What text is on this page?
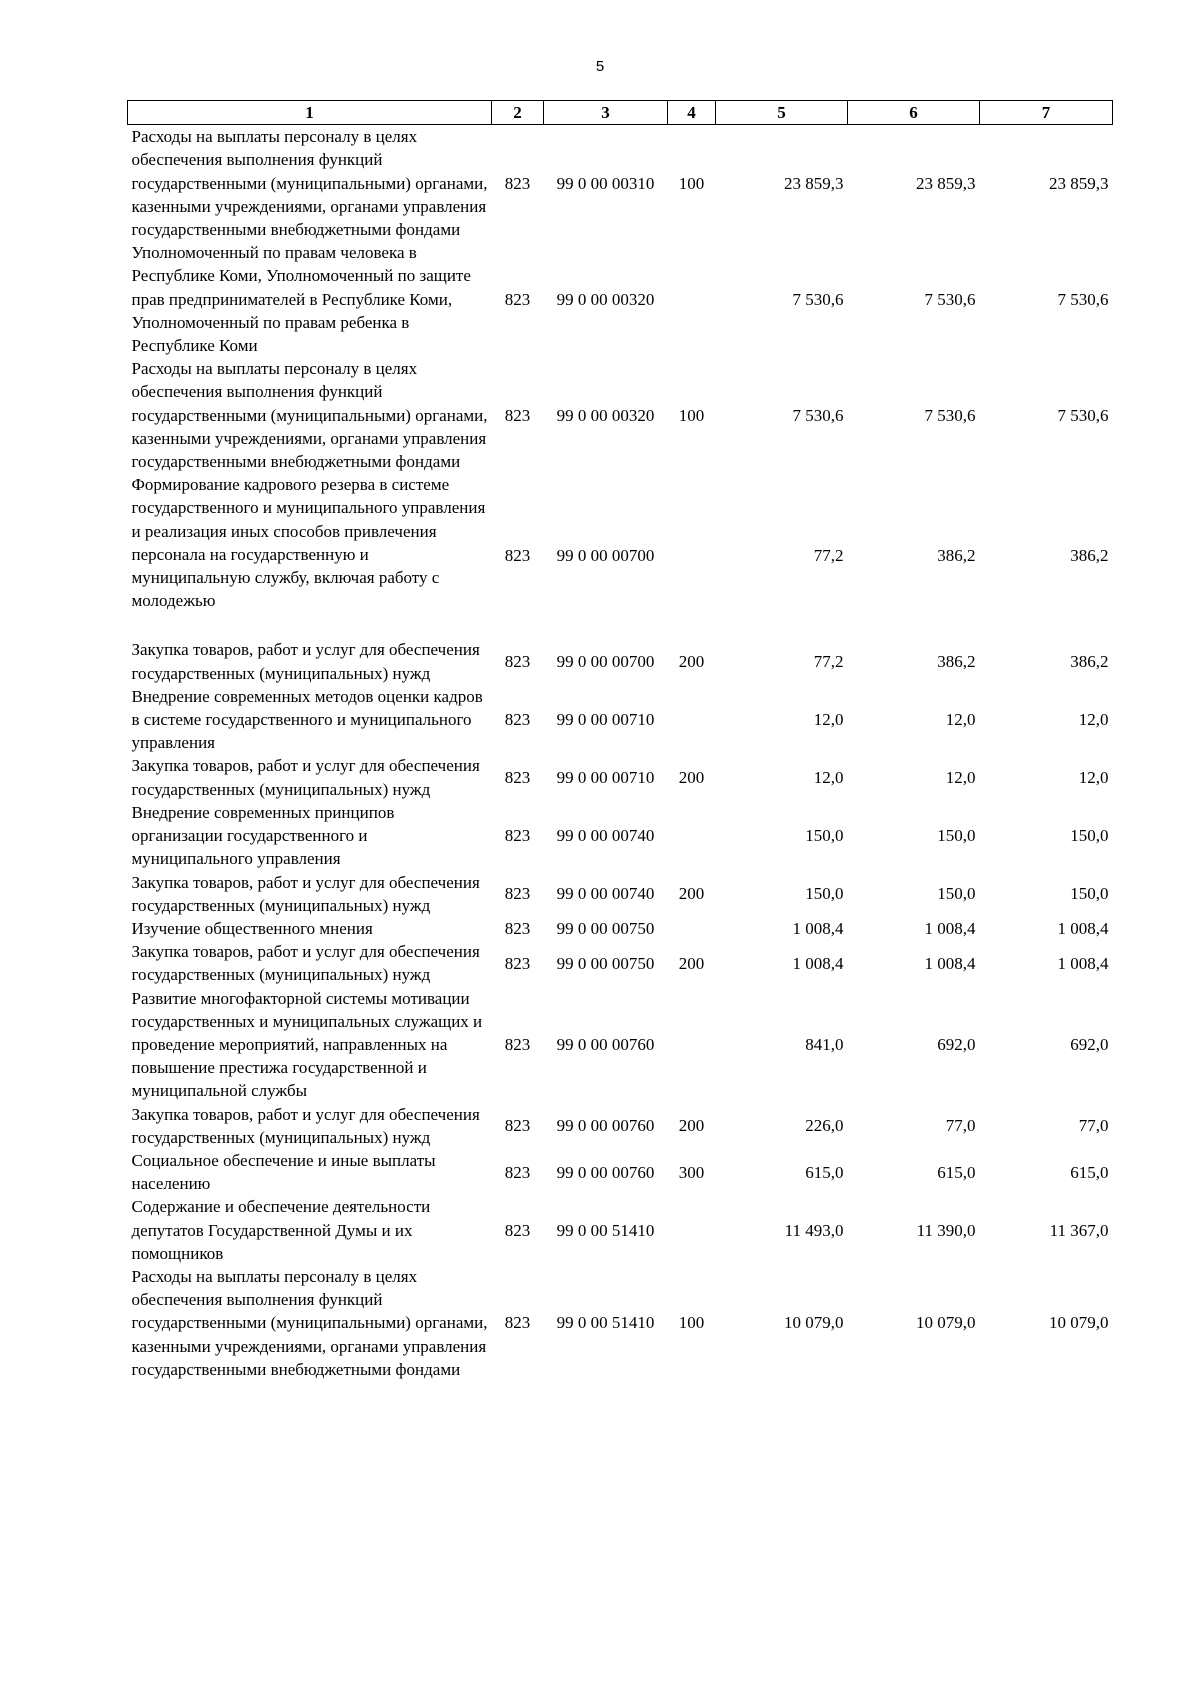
5
1	2	3	4	5	6	7
Расходы на выплаты персоналу в целях обеспечения выполнения функций государственными (муниципальными) органами, казенными учреждениями, органами управления государственными внебюджетными фондами	823	99 0 00 00310	100	23 859,3	23 859,3	23 859,3
Уполномоченный по правам человека в Республике Коми, Уполномоченный по защите прав предпринимателей в Республике Коми, Уполномоченный по правам ребенка в Республике Коми	823	99 0 00 00320		7 530,6	7 530,6	7 530,6
Расходы на выплаты персоналу в целях обеспечения выполнения функций государственными (муниципальными) органами, казенными учреждениями, органами управления государственными внебюджетными фондами	823	99 0 00 00320	100	7 530,6	7 530,6	7 530,6
Формирование кадрового резерва в системе государственного и муниципального управления и реализация иных способов привлечения персонала на государственную и муниципальную службу, включая работу с молодежью	823	99 0 00 00700		77,2	386,2	386,2
Закупка товаров, работ и услуг для обеспечения государственных (муниципальных) нужд	823	99 0 00 00700	200	77,2	386,2	386,2
Внедрение современных методов оценки кадров в системе государственного и муниципального управления	823	99 0 00 00710		12,0	12,0	12,0
Закупка товаров, работ и услуг для обеспечения государственных (муниципальных) нужд	823	99 0 00 00710	200	12,0	12,0	12,0
Внедрение современных принципов организации государственного и муниципального управления	823	99 0 00 00740		150,0	150,0	150,0
Закупка товаров, работ и услуг для обеспечения государственных (муниципальных) нужд	823	99 0 00 00740	200	150,0	150,0	150,0
Изучение общественного мнения	823	99 0 00 00750		1 008,4	1 008,4	1 008,4
Закупка товаров, работ и услуг для обеспечения государственных (муниципальных) нужд	823	99 0 00 00750	200	1 008,4	1 008,4	1 008,4
Развитие многофакторной системы мотивации государственных и муниципальных служащих и проведение мероприятий, направленных на повышение престижа государственной и муниципальной службы	823	99 0 00 00760		841,0	692,0	692,0
Закупка товаров, работ и услуг для обеспечения государственных (муниципальных) нужд	823	99 0 00 00760	200	226,0	77,0	77,0
Социальное обеспечение и иные выплаты населению	823	99 0 00 00760	300	615,0	615,0	615,0
Содержание и обеспечение деятельности депутатов Государственной Думы и их помощников	823	99 0 00 51410		11 493,0	11 390,0	11 367,0
Расходы на выплаты персоналу в целях обеспечения выполнения функций государственными (муниципальными) органами, казенными учреждениями, органами управления государственными внебюджетными фондами	823	99 0 00 51410	100	10 079,0	10 079,0	10 079,0
